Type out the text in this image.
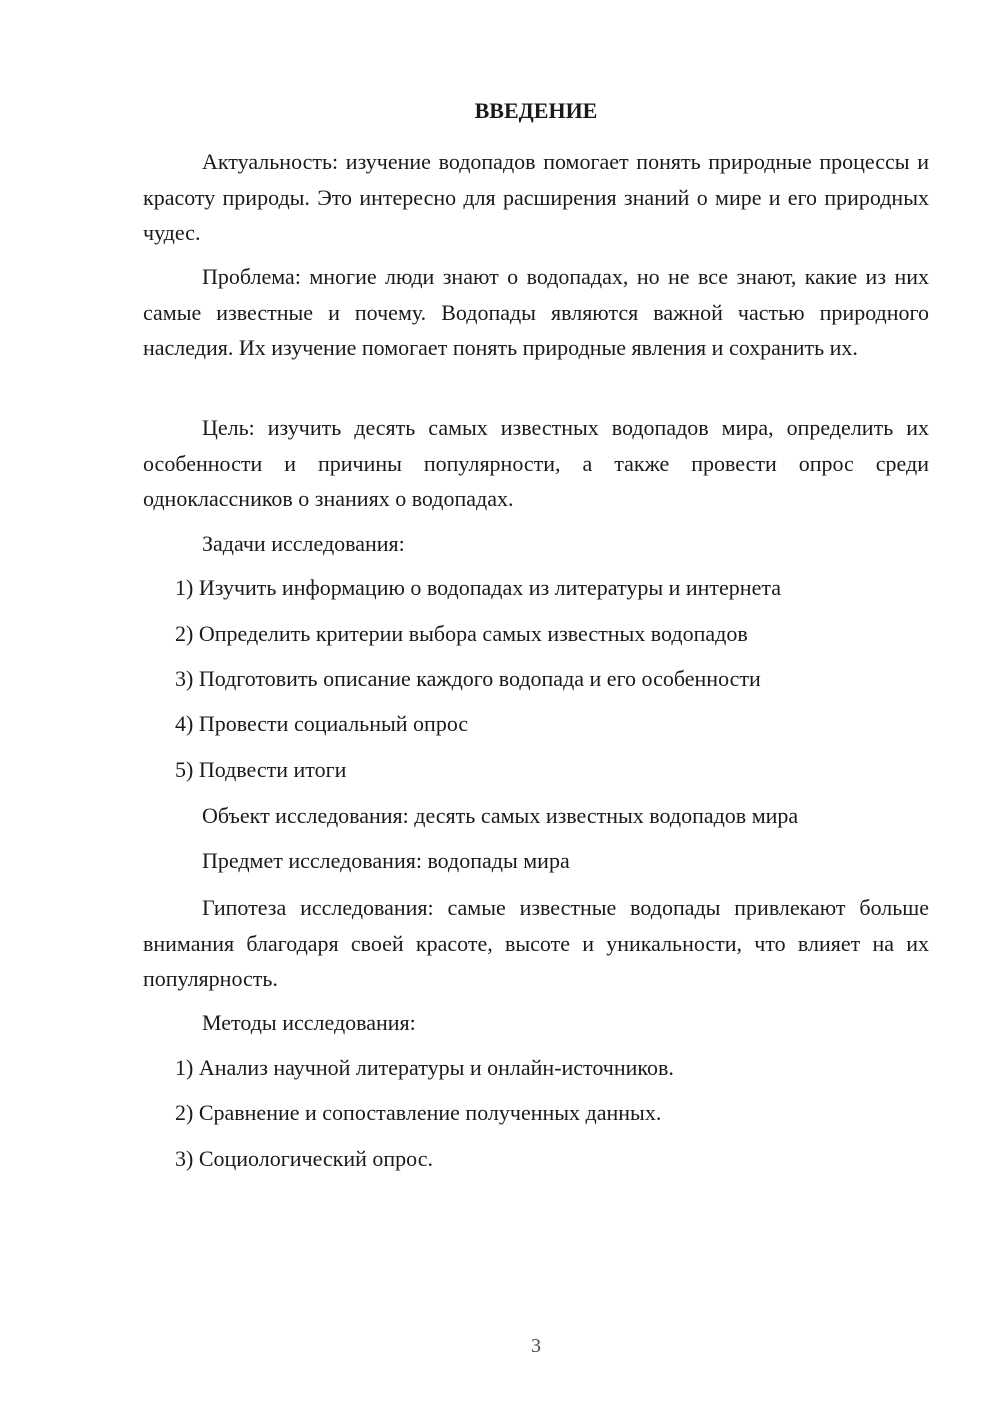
ВВЕДЕНИЕ

Актуальность: изучение водопадов помогает понять природные процессы и красоту природы. Это интересно для расширения знаний о мире и его природных чудес.

Проблема: многие люди знают о водопадах, но не все знают, какие из них самые известные и почему. Водопады являются важной частью природного наследия. Их изучение помогает понять природные явления и сохранить их.

Цель: изучить десять самых известных водопадов мира, определить их особенности и причины популярности, а также провести опрос среди одноклассников о знаниях о водопадах.

Задачи исследования:

1) Изучить информацию о водопадах из литературы и интернета

2) Определить критерии выбора самых известных водопадов

3) Подготовить описание каждого водопада и его особенности

4) Провести социальный опрос

5) Подвести итоги

Объект исследования: десять самых известных водопадов мира

Предмет исследования: водопады мира

Гипотеза исследования: самые известные водопады привлекают больше внимания благодаря своей красоте, высоте и уникальности, что влияет на их популярность.

Методы исследования:

1) Анализ научной литературы и онлайн-источников.

2) Сравнение и сопоставление полученных данных.

3) Социологический опрос.

3
